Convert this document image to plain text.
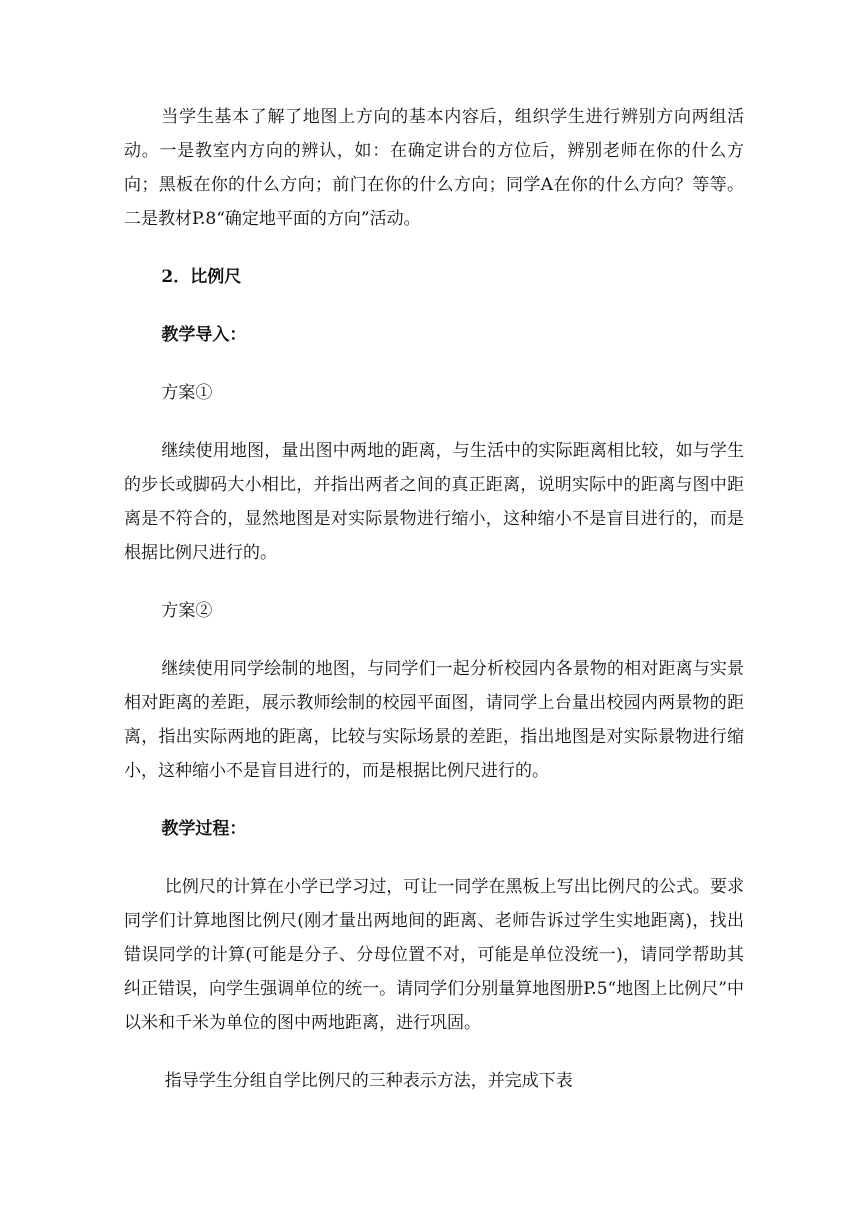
当学生基本了解了地图上方向的基本内容后，组织学生进行辨别方向两组活动。一是教室内方向的辨认，如：在确定讲台的方位后，辨别老师在你的什么方向；黑板在你的什么方向；前门在你的什么方向；同学A在你的什么方向？等等。二是教材P.8“确定地平面的方向”活动。

2．比例尺

教学导入：

方案①

继续使用地图，量出图中两地的距离，与生活中的实际距离相比较，如与学生的步长或脚码大小相比，并指出两者之间的真正距离，说明实际中的距离与图中距离是不符合的，显然地图是对实际景物进行缩小，这种缩小不是盲目进行的，而是根据比例尺进行的。

方案②

继续使用同学绘制的地图，与同学们一起分析校园内各景物的相对距离与实景相对距离的差距，展示教师绘制的校园平面图，请同学上台量出校园内两景物的距离，指出实际两地的距离，比较与实际场景的差距，指出地图是对实际景物进行缩小，这种缩小不是盲目进行的，而是根据比例尺进行的。

教学过程：

比例尺的计算在小学已学习过，可让一同学在黑板上写出比例尺的公式。要求同学们计算地图比例尺(刚才量出两地间的距离、老师告诉过学生实地距离)，找出错误同学的计算(可能是分子、分母位置不对，可能是单位没统一)，请同学帮助其纠正错误，向学生强调单位的统一。请同学们分别量算地图册P.5“地图上比例尺”中以米和千米为单位的图中两地距离，进行巩固。

指导学生分组自学比例尺的三种表示方法，并完成下表
